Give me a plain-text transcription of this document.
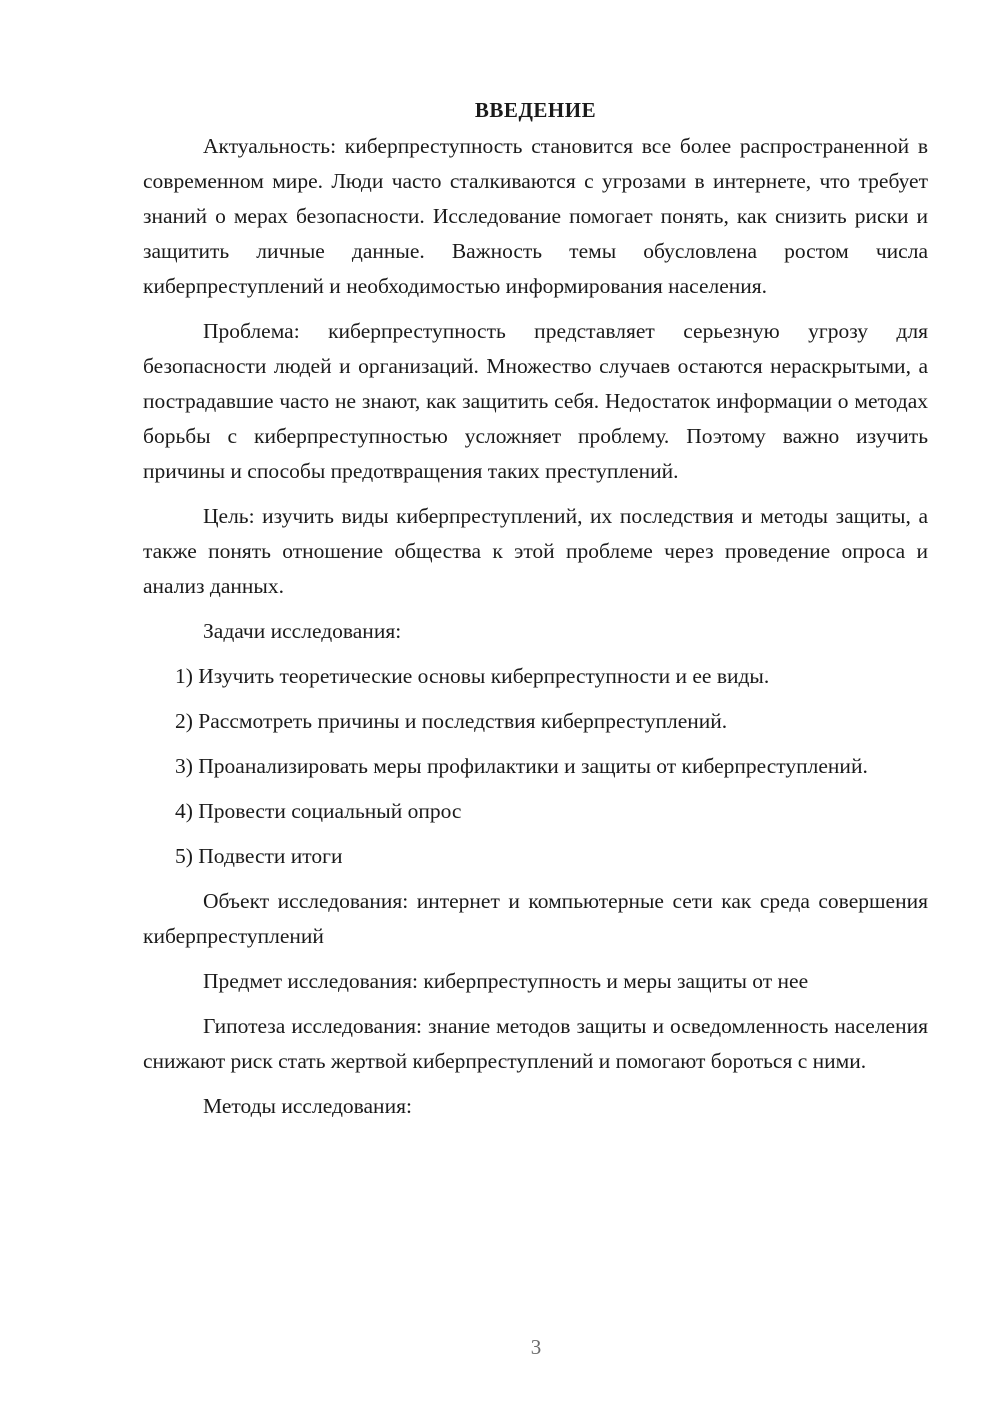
ВВЕДЕНИЕ

Актуальность: киберпреступность становится все более распространенной в современном мире. Люди часто сталкиваются с угрозами в интернете, что требует знаний о мерах безопасности. Исследование помогает понять, как снизить риски и защитить личные данные. Важность темы обусловлена ростом числа киберпреступлений и необходимостью информирования населения.

Проблема: киберпреступность представляет серьезную угрозу для безопасности людей и организаций. Множество случаев остаются нераскрытыми, а пострадавшие часто не знают, как защитить себя. Недостаток информации о методах борьбы с киберпреступностью усложняет проблему. Поэтому важно изучить причины и способы предотвращения таких преступлений.

Цель: изучить виды киберпреступлений, их последствия и методы защиты, а также понять отношение общества к этой проблеме через проведение опроса и анализ данных.

Задачи исследования:

1) Изучить теоретические основы киберпреступности и ее виды.

2) Рассмотреть причины и последствия киберпреступлений.

3) Проанализировать меры профилактики и защиты от киберпреступлений.

4) Провести социальный опрос

5) Подвести итоги

Объект исследования: интернет и компьютерные сети как среда совершения киберпреступлений

Предмет исследования: киберпреступность и меры защиты от нее

Гипотеза исследования: знание методов защиты и осведомленность населения снижают риск стать жертвой киберпреступлений и помогают бороться с ними.

Методы исследования:

3
